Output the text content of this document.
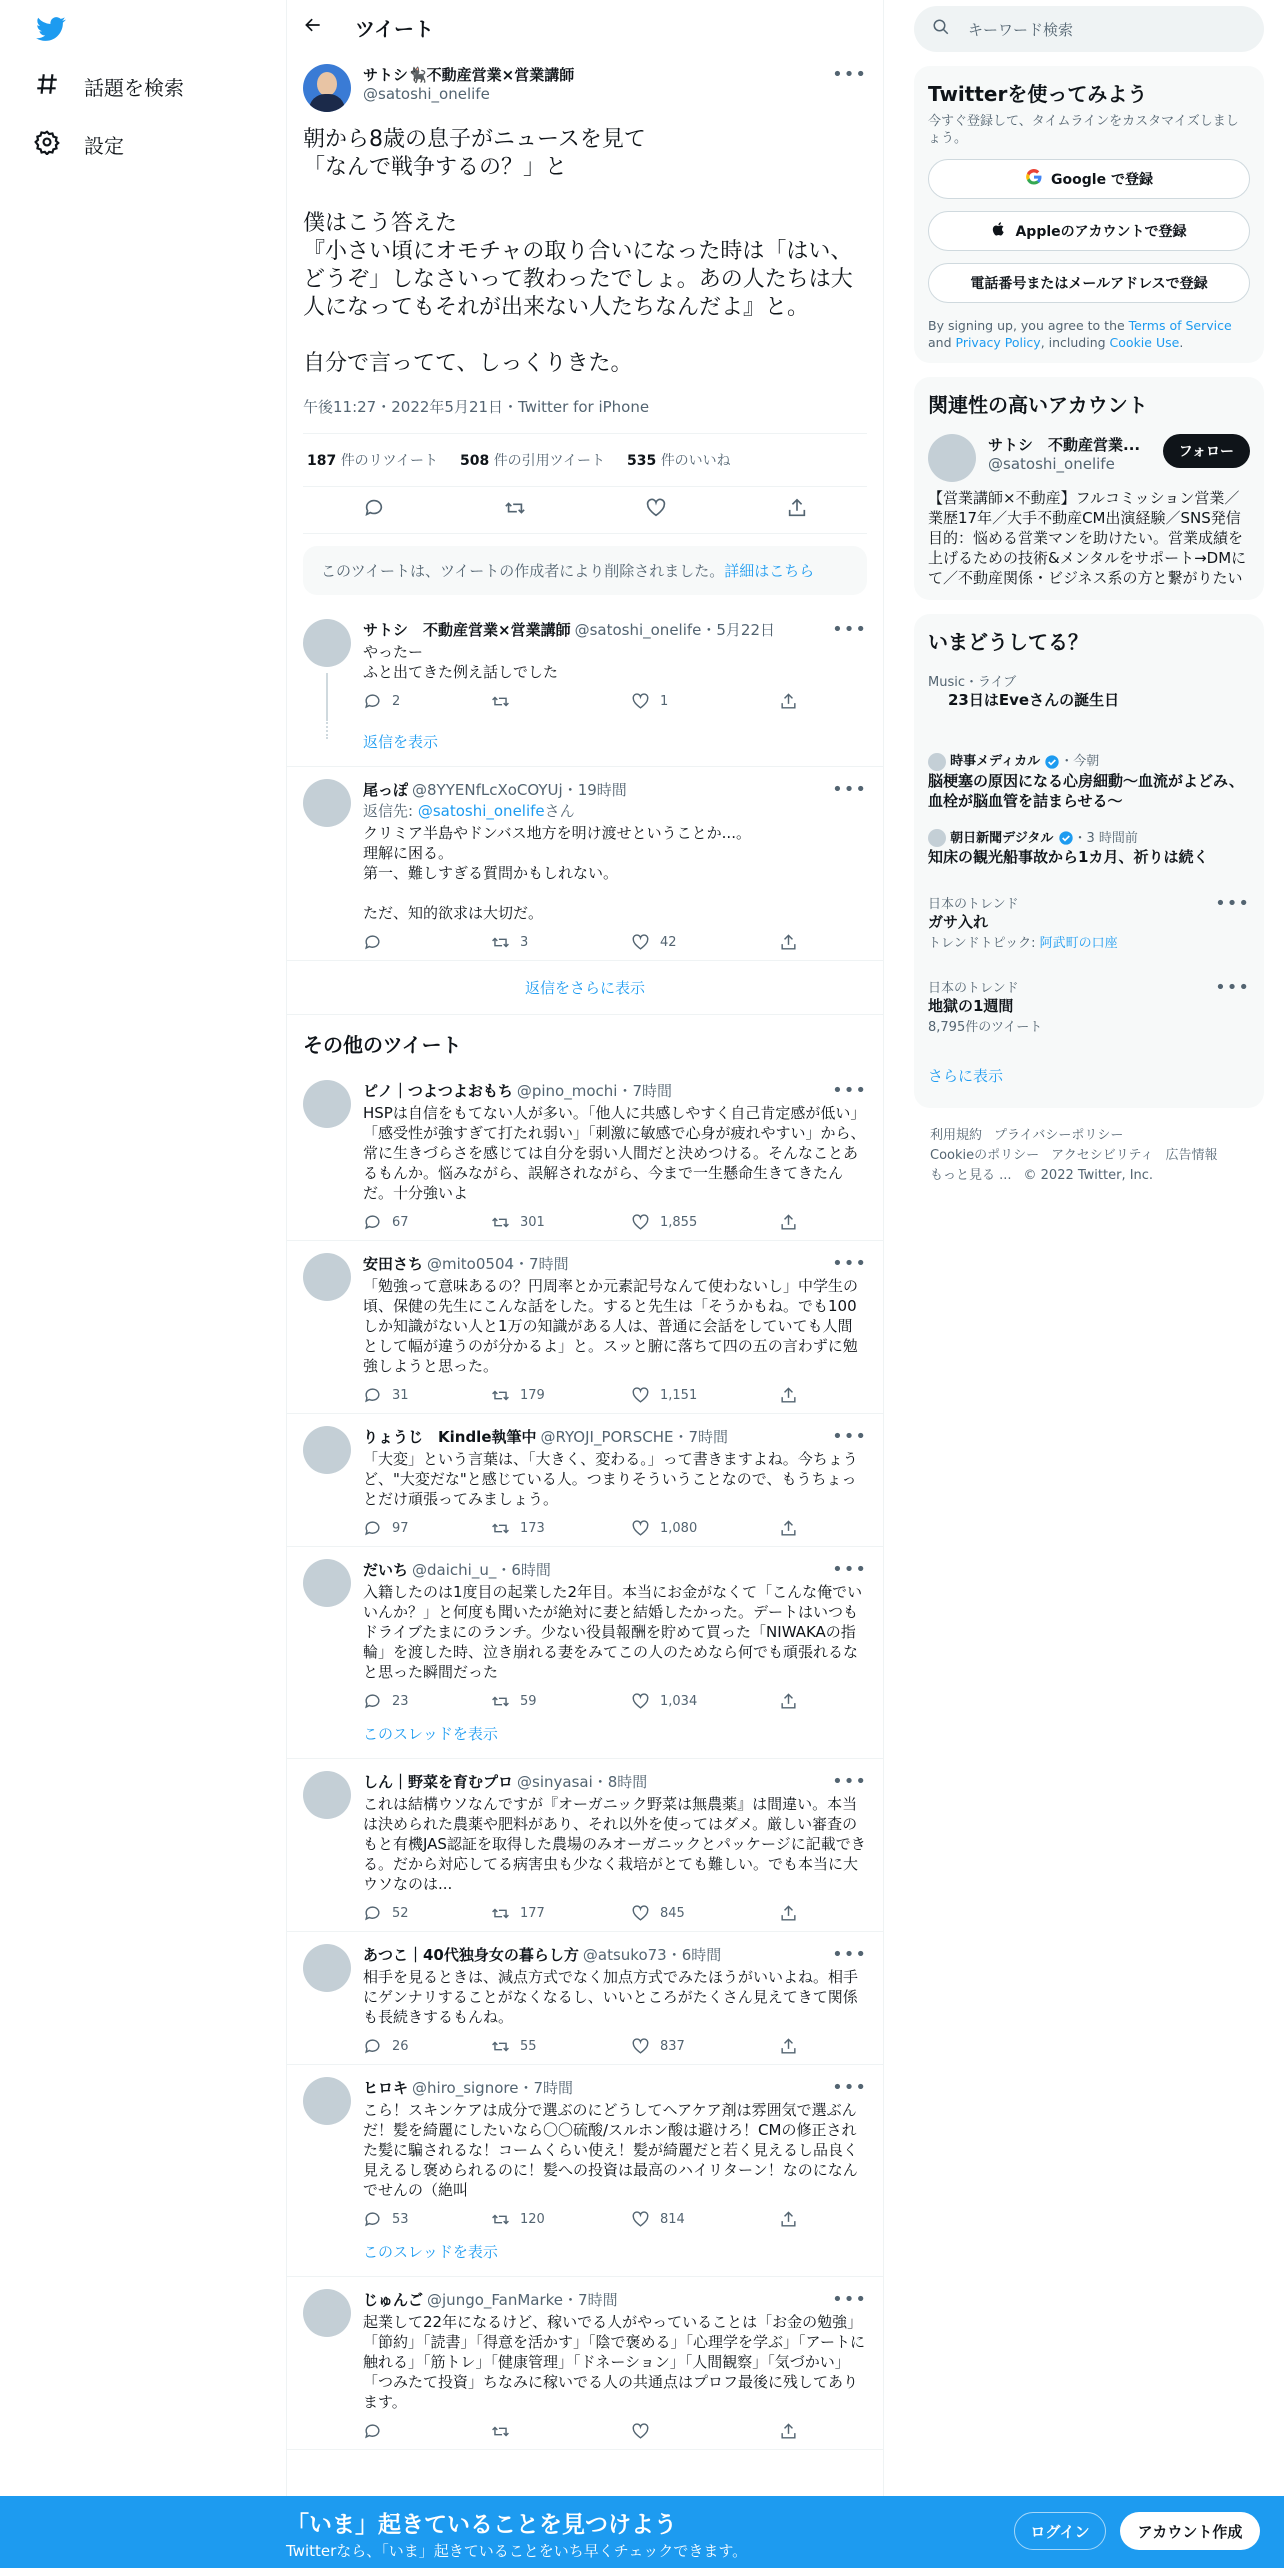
話題を検索
設定
ツイート
サトシ🐈‍⬛不動産営業×営業講師
@satoshi_onelife
•••
朝から8歳の息子がニュースを見て
「なんで戦争するの？」と

僕はこう答えた
『小さい頃にオモチャの取り合いになった時は「はい、どうぞ」しなさいって教わったでしょ。あの人たちは大人になってもそれが出来ない人たちなんだよ』と。

自分で言ってて、しっくりきた。
午後11:27・2022年5月21日・Twitter for iPhone
187 件のリツイート 508 件の引用ツイート 535 件のいいね
このツイートは、ツイートの作成者により削除されました。詳細はこちら
サトシ　不動産営業×営業講師 @satoshi_onelife・5月22日	•••
やったー
ふと出てきた例え話しでした
2	1
返信を表示
尾っぽ @8YYENfLcXoCOYUj・19時間	•••
返信先: @satoshi_onelifeさん
クリミア半島やドンバス地方を明け渡せということか...。
理解に困る。
第一、難しすぎる質問かもしれない。

ただ、知的欲求は大切だ。
3	42
返信をさらに表示
その他のツイート
ピノ｜つよつよおもち @pino_mochi・7時間	•••
HSPは自信をもてない人が多い。「他人に共感しやすく自己肯定感が低い」「感受性が強すぎて打たれ弱い」「刺激に敏感で心身が疲れやすい」から、常に生きづらさを感じては自分を弱い人間だと決めつける。そんなことあるもんか。悩みながら、誤解されながら、今まで一生懸命生きてきたんだ。十分強いよ
67	301	1,855
安田さち @mito0504・7時間	•••
「勉強って意味あるの？円周率とか元素記号なんて使わないし」中学生の頃、保健の先生にこんな話をした。すると先生は「そうかもね。でも100しか知識がない人と1万の知識がある人は、普通に会話をしていても人間として幅が違うのが分かるよ」と。スッと腑に落ちて四の五の言わずに勉強しようと思った。
31	179	1,151
りょうじ　Kindle執筆中 @RYOJI_PORSCHE・7時間	•••
「大変」という言葉は、「大きく、変わる。」って書きますよね。今ちょうど、"大変だな"と感じている人。つまりそういうことなので、もうちょっとだけ頑張ってみましょう。
97	173	1,080
だいち @daichi_u_・6時間	•••
入籍したのは1度目の起業した2年目。本当にお金がなくて「こんな俺でいいんか？」と何度も聞いたが絶対に妻と結婚したかった。デートはいつもドライブたまにのランチ。少ない役員報酬を貯めて買った「NIWAKAの指輪」を渡した時、泣き崩れる妻をみてこの人のためなら何でも頑張れるなと思った瞬間だった
23	59	1,034
このスレッドを表示
しん｜野菜を育むプロ @sinyasai・8時間	•••
これは結構ウソなんですが『オーガニック野菜は無農薬』は間違い。本当は決められた農薬や肥料があり、それ以外を使ってはダメ。厳しい審査のもと有機JAS認証を取得した農場のみオーガニックとパッケージに記載できる。だから対応してる病害虫も少なく栽培がとても難しい。でも本当に大ウソなのは...
52	177	845
あつこ｜40代独身女の暮らし方 @atsuko73・6時間	•••
相手を見るときは、減点方式でなく加点方式でみたほうがいいよね。相手にゲンナリすることがなくなるし、いいところがたくさん見えてきて関係も長続きするもんね。
26	55	837
ヒロキ @hiro_signore・7時間	•••
こら！スキンケアは成分で選ぶのにどうしてヘアケア剤は雰囲気で選ぶんだ！髪を綺麗にしたいなら〇〇硫酸/スルホン酸は避けろ！CMの修正された髪に騙されるな！コームくらい使え！髪が綺麗だと若く見えるし品良く見えるし褒められるのに！髪への投資は最高のハイリターン！なのになんでせんの（絶叫
53	120	814
このスレッドを表示
じゅんご @jungo_FanMarke・7時間	•••
起業して22年になるけど、稼いでる人がやっていることは「お金の勉強」「節約」「読書」「得意を活かす」「陰で褒める」「心理学を学ぶ」「アートに触れる」「筋トレ」「健康管理」「ドネーション」「人間観察」「気づかい」「つみたて投資」ちなみに稼いでる人の共通点はプロフ最後に残してあります。
キーワード検索
Twitterを使ってみよう
今すぐ登録して、タイムラインをカスタマイズしましょう。
Google で登録
Appleのアカウントで登録
電話番号またはメールアドレスで登録
By signing up, you agree to the Terms of Service and Privacy Policy, including Cookie Use.
関連性の高いアカウント
サトシ　不動産営業...
@satoshi_onelife
フォロー
【営業講師×不動産】フルコミッション営業／業歴17年／大手不動産CM出演経験／SNS発信目的：悩める営業マンを助けたい。営業成績を上げるための技術&メンタルをサポート→DMにて／不動産関係・ビジネス系の方と繋がりたい
いまどうしてる？
Music・ライブ
23日はEveさんの誕生日
時事メディカル ・今朝
脳梗塞の原因になる心房細動～血流がよどみ、血栓が脳血管を詰まらせる～
朝日新聞デジタル ・3 時間前
知床の観光船事故から1カ月、祈りは続く
日本のトレンド
ガサ入れ
トレンドトピック: 阿武町の口座
•••
日本のトレンド
地獄の1週間
8,795件のツイート
•••
さらに表示
利用規約 プライバシーポリシー
Cookieのポリシー アクセシビリティ 広告情報
もっと見る ... © 2022 Twitter, Inc.
「いま」起きていることを見つけよう
Twitterなら、「いま」起きていることをいち早くチェックできます。
ログイン	アカウント作成
